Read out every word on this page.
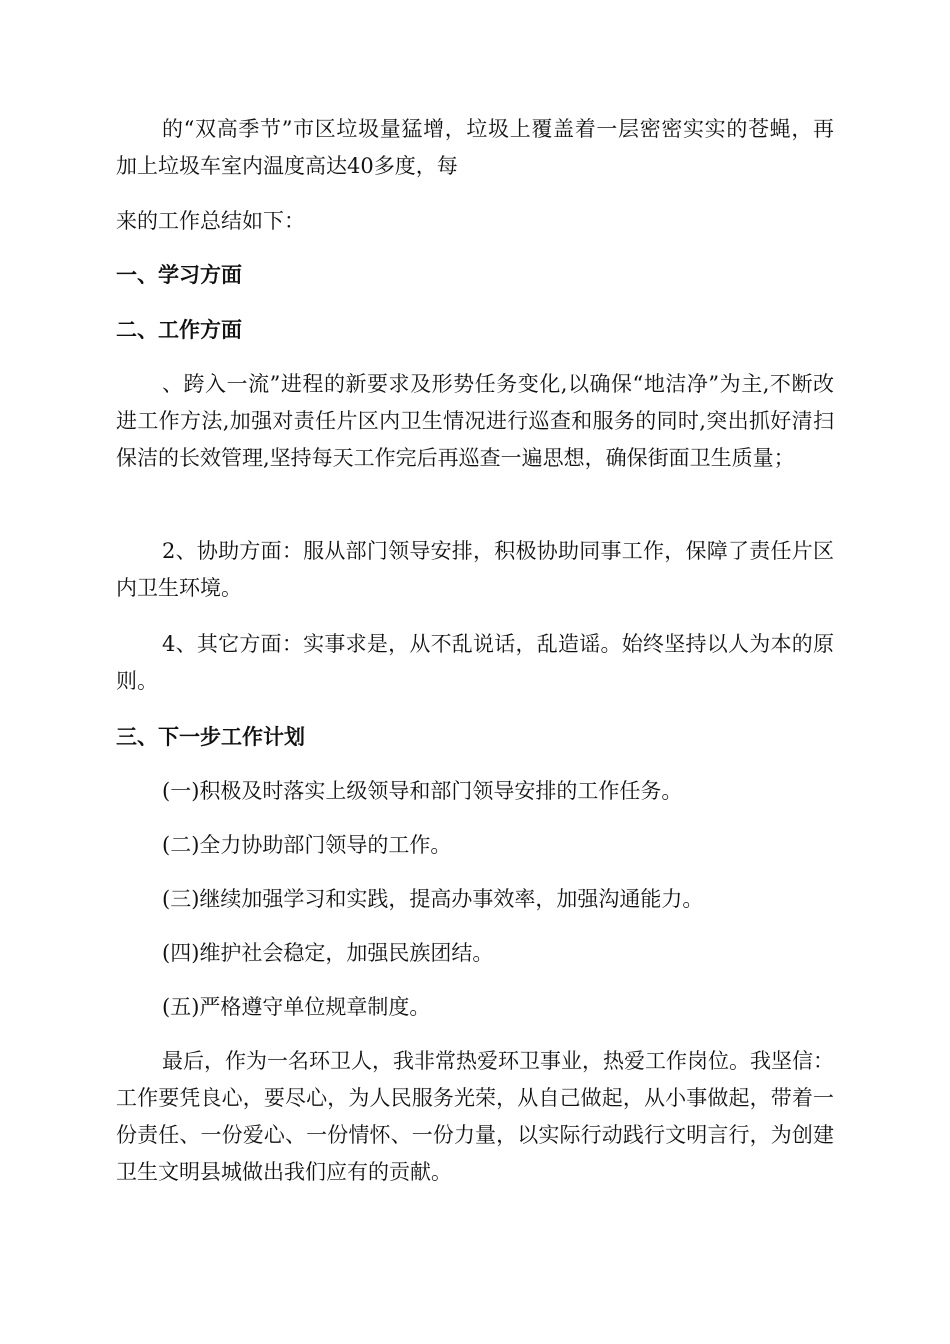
的“双高季节”市区垃圾量猛增，垃圾上覆盖着一层密密实实的苍蝇，再加上垃圾车室内温度高达40多度，每

来的工作总结如下：

一、学习方面

二、工作方面

、跨入一流”进程的新要求及形势任务变化,以确保“地洁净”为主,不断改进工作方法,加强对责任片区内卫生情况进行巡查和服务的同时,突出抓好清扫保洁的长效管理,坚持每天工作完后再巡查一遍思想，确保街面卫生质量；

2、协助方面：服从部门领导安排，积极协助同事工作，保障了责任片区内卫生环境。

4、其它方面：实事求是，从不乱说话，乱造谣。始终坚持以人为本的原则。

三、下一步工作计划

(一)积极及时落实上级领导和部门领导安排的工作任务。

(二)全力协助部门领导的工作。

(三)继续加强学习和实践，提高办事效率，加强沟通能力。

(四)维护社会稳定，加强民族团结。

(五)严格遵守单位规章制度。

最后，作为一名环卫人，我非常热爱环卫事业，热爱工作岗位。我坚信：工作要凭良心，要尽心，为人民服务光荣，从自己做起，从小事做起，带着一份责任、一份爱心、一份情怀、一份力量，以实际行动践行文明言行，为创建卫生文明县城做出我们应有的贡献。
